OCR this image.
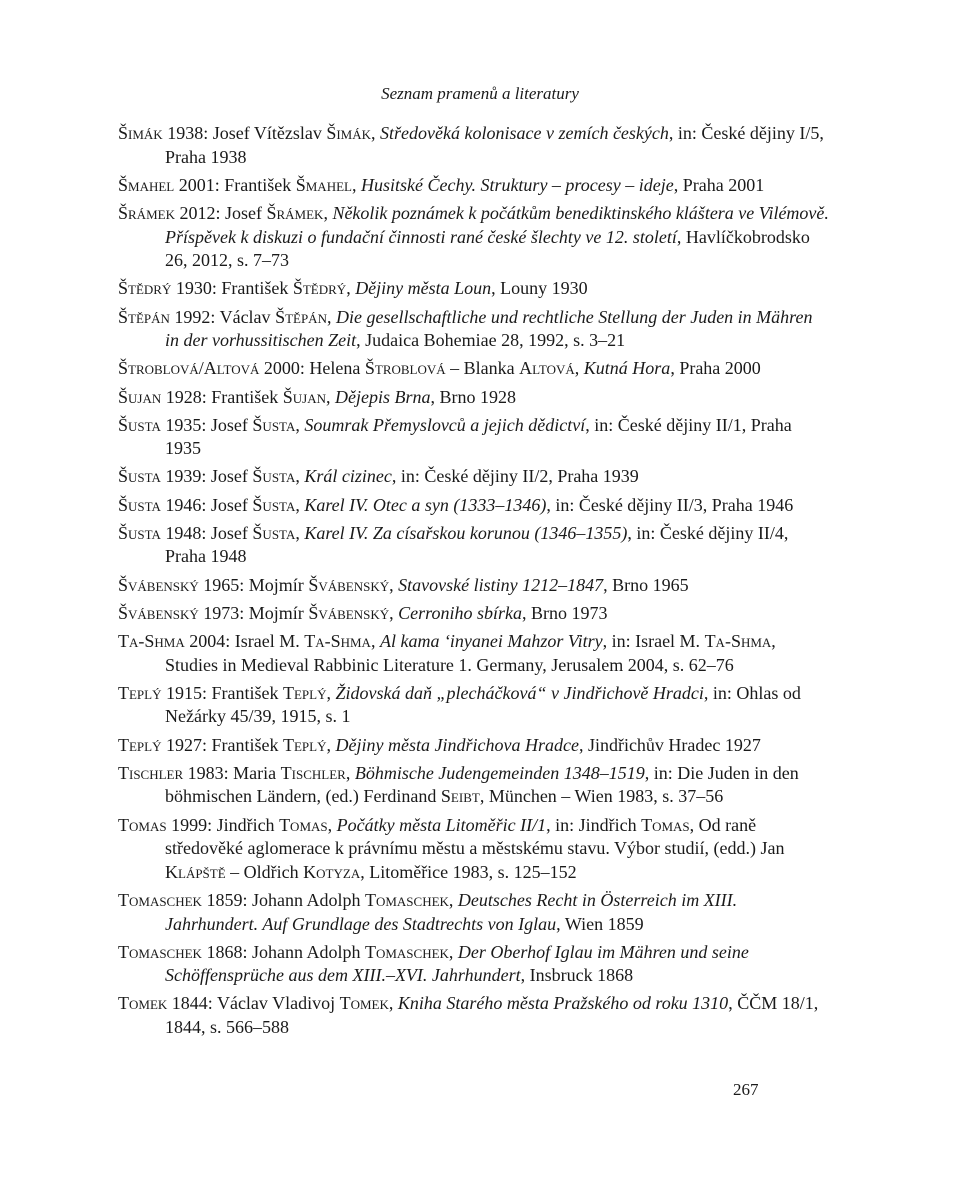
Seznam pramenů a literatury
Šimák 1938: Josef Vítězslav Šimák, Středověká kolonisace v zemích českých, in: České dějiny I/5, Praha 1938
Šmahel 2001: František Šmahel, Husitské Čechy. Struktury – procesy – ideje, Praha 2001
Šrámek 2012: Josef Šrámek, Několik poznámek k počátkům benediktinského kláštera ve Vilémově. Příspěvek k diskuzi o fundační činnosti rané české šlechty ve 12. století, Havlíčkobrodsko 26, 2012, s. 7–73
Štědrý 1930: František Štědrý, Dějiny města Loun, Louny 1930
Štěpán 1992: Václav Štěpán, Die gesellschaftliche und rechtliche Stellung der Juden in Mähren in der vorhussitischen Zeit, Judaica Bohemiae 28, 1992, s. 3–21
Štroblová/Altová 2000: Helena Štroblová – Blanka Altová, Kutná Hora, Praha 2000
Šujan 1928: František Šujan, Dějepis Brna, Brno 1928
Šusta 1935: Josef Šusta, Soumrak Přemyslovců a jejich dědictví, in: České dějiny II/1, Praha 1935
Šusta 1939: Josef Šusta, Král cizinec, in: České dějiny II/2, Praha 1939
Šusta 1946: Josef Šusta, Karel IV. Otec a syn (1333–1346), in: České dějiny II/3, Praha 1946
Šusta 1948: Josef Šusta, Karel IV. Za císařskou korunou (1346–1355), in: České dějiny II/4, Praha 1948
Švábenský 1965: Mojmír Švábenský, Stavovské listiny 1212–1847, Brno 1965
Švábenský 1973: Mojmír Švábenský, Cerroniho sbírka, Brno 1973
Ta-Shma 2004: Israel M. Ta-Shma, Al kama ‘inyanei Mahzor Vitry, in: Israel M. Ta-Shma, Studies in Medieval Rabbinic Literature 1. Germany, Jerusalem 2004, s. 62–76
Teplý 1915: František Teplý, Židovská daň „plecháčková“ v Jindřichově Hradci, in: Ohlas od Nežárky 45/39, 1915, s. 1
Teplý 1927: František Teplý, Dějiny města Jindřichova Hradce, Jindřichův Hradec 1927
Tischler 1983: Maria Tischler, Böhmische Judengemeinden 1348–1519, in: Die Juden in den böhmischen Ländern, (ed.) Ferdinand Seibt, München – Wien 1983, s. 37–56
Tomas 1999: Jindřich Tomas, Počátky města Litoměřic II/1, in: Jindřich Tomas, Od raně středověké aglomerace k právnímu městu a městskému stavu. Výbor studií, (edd.) Jan Klápště – Oldřich Kotyza, Litoměřice 1983, s. 125–152
Tomaschek 1859: Johann Adolph Tomaschek, Deutsches Recht in Österreich im XIII. Jahrhundert. Auf Grundlage des Stadtrechts von Iglau, Wien 1859
Tomaschek 1868: Johann Adolph Tomaschek, Der Oberhof Iglau im Mähren und seine Schöffensprüche aus dem XIII.–XVI. Jahrhundert, Insbruck 1868
Tomek 1844: Václav Vladivoj Tomek, Kniha Starého města Pražského od roku 1310, ČČM 18/1, 1844, s. 566–588
267
